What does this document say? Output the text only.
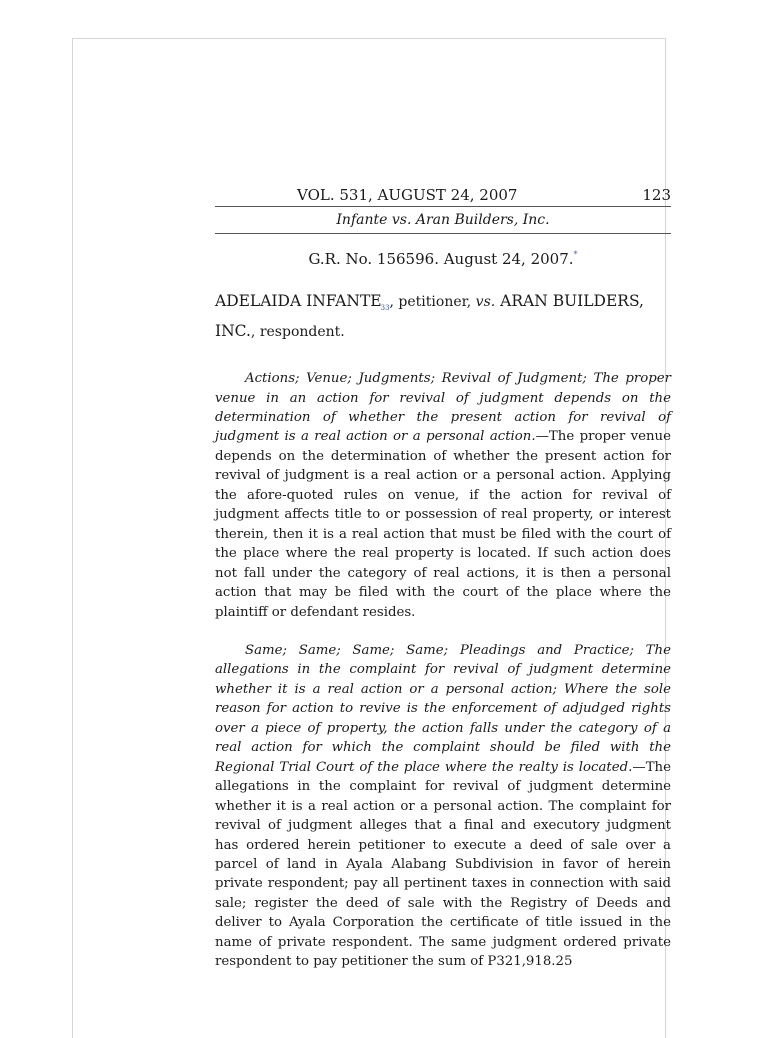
VOL. 531, AUGUST 24, 2007	123
Infante vs. Aran Builders, Inc.
G.R. No. 156596. August 24, 2007.*
ADELAIDA $INFANTE_{33}$, petitioner, vs. ARAN BUILDERS,
INC., respondent.

Actions; Venue; Judgments; Revival of Judgment; The proper venue in an action for revival of judgment depends on the determination of whether the present action for revival of judgment is a real action or a personal action.—The proper venue depends on the determination of whether the present action for revival of judgment is a real action or a personal action. Applying the afore-quoted rules on venue, if the action for revival of judgment affects title to or possession of real property, or interest therein, then it is a real action that must be filed with the court of the place where the real property is located. If such action does not fall under the category of real actions, it is then a personal action that may be filed with the court of the place where the plaintiff or defendant resides.

Same; Same; Same; Same; Pleadings and Practice; The allegations in the complaint for revival of judgment determine whether it is a real action or a personal action; Where the sole reason for action to revive is the enforcement of adjudged rights over a piece of property, the action falls under the category of a real action for which the complaint should be filed with the Regional Trial Court of the place where the realty is located.—The allegations in the complaint for revival of judgment determine whether it is a real action or a personal action. The complaint for revival of judgment alleges that a final and executory judgment has ordered herein petitioner to execute a deed of sale over a parcel of land in Ayala Alabang Subdivision in favor of herein private respondent; pay all pertinent taxes in connection with said sale; register the deed of sale with the Registry of Deeds and deliver to Ayala Corporation the certificate of title issued in the name of private respondent. The same judgment ordered private respondent to pay petitioner the sum of P321,918.25
